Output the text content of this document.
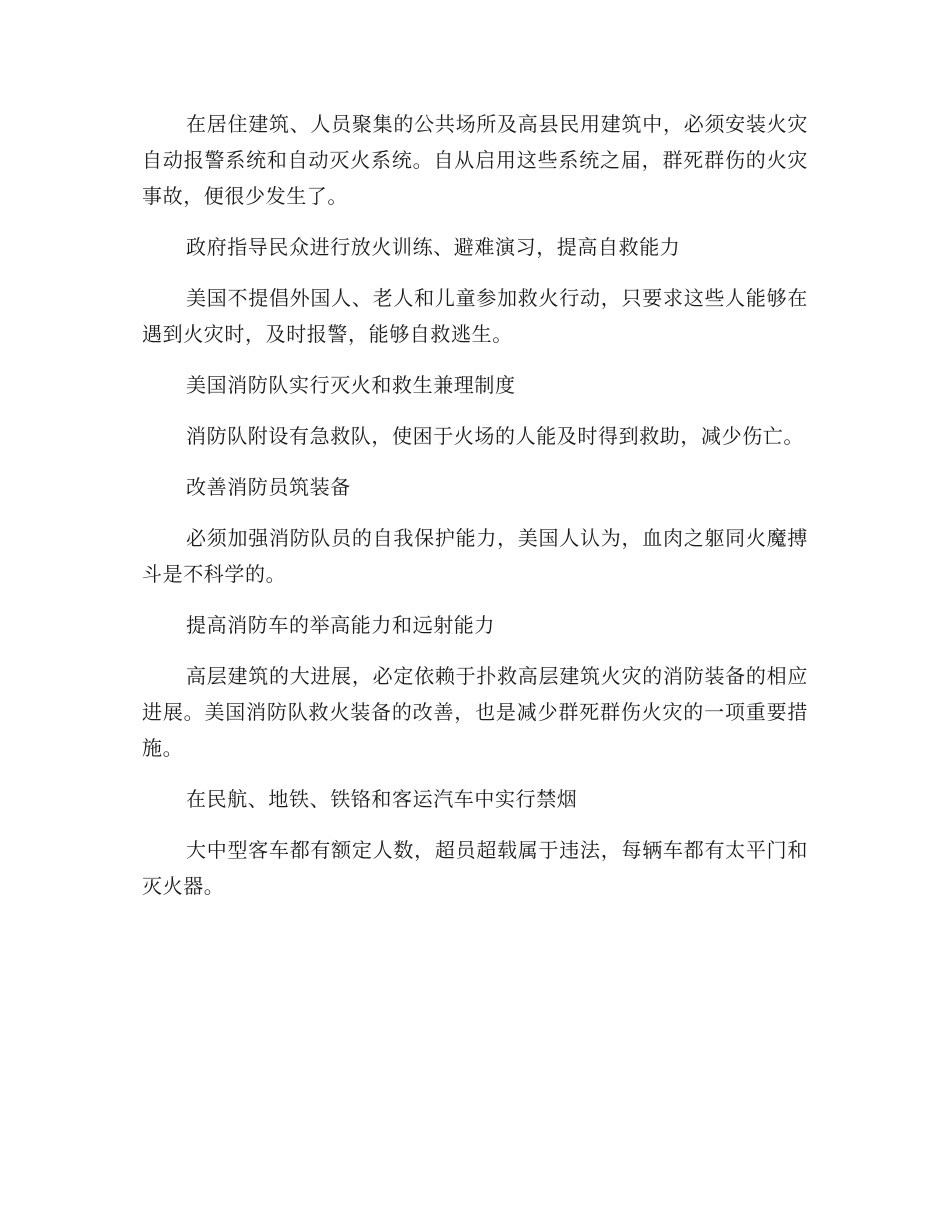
在居住建筑、人员聚集的公共场所及高县民用建筑中，必须安装火灾自动报警系统和自动灭火系统。自从启用这些系统之届，群死群伤的火灾事故，便很少发生了。

政府指导民众进行放火训练、避难演习，提高自救能力

美国不提倡外国人、老人和儿童参加救火行动，只要求这些人能够在遇到火灾时，及时报警，能够自救逃生。

美国消防队实行灭火和救生兼理制度

消防队附设有急救队，使困于火场的人能及时得到救助，减少伤亡。

改善消防员筑装备

必须加强消防队员的自我保护能力，美国人认为，血肉之躯同火魔搏斗是不科学的。

提高消防车的举高能力和远射能力

高层建筑的大进展，必定依赖于扑救高层建筑火灾的消防装备的相应进展。美国消防队救火装备的改善，也是减少群死群伤火灾的一项重要措施。

在民航、地铁、铁铬和客运汽车中实行禁烟

大中型客车都有额定人数，超员超载属于违法，每辆车都有太平门和灭火器。
